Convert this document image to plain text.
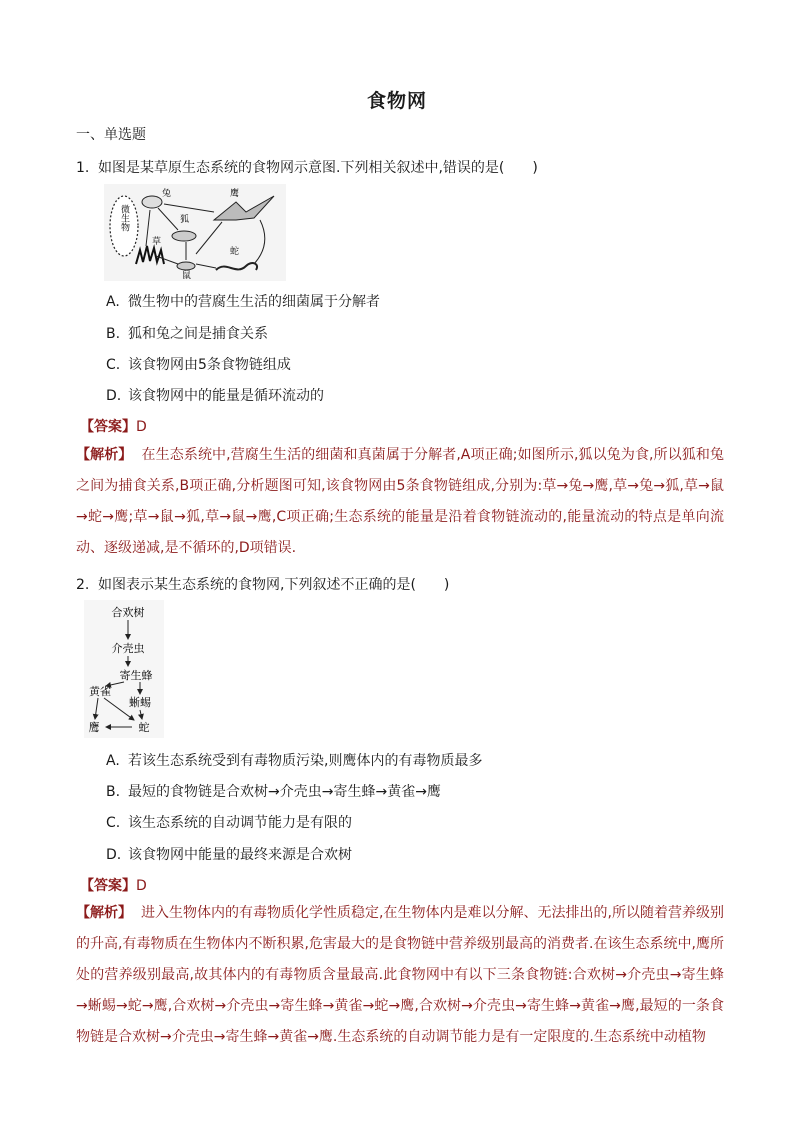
食物网
一、单选题
1. 如图是某草原生态系统的食物网示意图.下列相关叙述中,错误的是(　　)
微生物
草
兔
狐
鹰
鼠
蛇
A. 微生物中的营腐生生活的细菌属于分解者
B. 狐和兔之间是捕食关系
C. 该食物网由5条食物链组成
D. 该食物网中的能量是循环流动的
【答案】D
【解析】 在生态系统中,营腐生生活的细菌和真菌属于分解者,A项正确;如图所示,狐以兔为食,所以狐和兔之间为捕食关系,B项正确,分析题图可知,该食物网由5条食物链组成,分别为:草→兔→鹰,草→兔→狐,草→鼠→蛇→鹰;草→鼠→狐,草→鼠→鹰,C项正确;生态系统的能量是沿着食物链流动的,能量流动的特点是单向流动、逐级递减,是不循环的,D项错误.
2. 如图表示某生态系统的食物网,下列叙述不正确的是(　　)
合欢树
介壳虫
寄生蜂
黄雀
蜥蜴
鹰	蛇
A. 若该生态系统受到有毒物质污染,则鹰体内的有毒物质最多
B. 最短的食物链是合欢树→介壳虫→寄生蜂→黄雀→鹰
C. 该生态系统的自动调节能力是有限的
D. 该食物网中能量的最终来源是合欢树
【答案】D
【解析】 进入生物体内的有毒物质化学性质稳定,在生物体内是难以分解、无法排出的,所以随着营养级别的升高,有毒物质在生物体内不断积累,危害最大的是食物链中营养级别最高的消费者.在该生态系统中,鹰所处的营养级别最高,故其体内的有毒物质含量最高.此食物网中有以下三条食物链:合欢树→介壳虫→寄生蜂→蜥蜴→蛇→鹰,合欢树→介壳虫→寄生蜂→黄雀→蛇→鹰,合欢树→介壳虫→寄生蜂→黄雀→鹰,最短的一条食物链是合欢树→介壳虫→寄生蜂→黄雀→鹰.生态系统的自动调节能力是有一定限度的.生态系统中动植物
